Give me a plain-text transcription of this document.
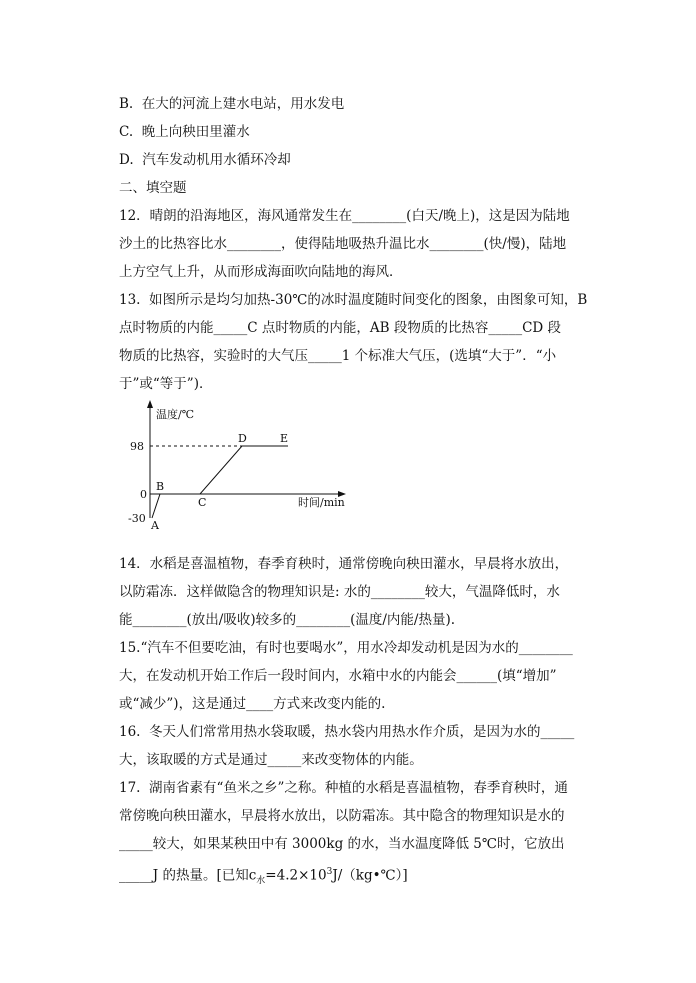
B.  在大的河流上建水电站，用水发电
C.  晚上向秧田里灌水
D.  汽车发动机用水循环冷却
二、填空题
12．晴朗的沿海地区，海风通常发生在________(白天/晚上)，这是因为陆地
沙土的比热容比水________，使得陆地吸热升温比水________(快/慢)，陆地
上方空气上升，从而形成海面吹向陆地的海风．
13.  如图所示是均匀加热-30℃的冰时温度随时间变化的图象，由图象可知，B
点时物质的内能_____C 点时物质的内能，AB 段物质的比热容_____CD 段
物质的比热容，实验时的大气压_____1 个标准大气压，(选填“大于”．“小
于”或“等于”)．
温度/℃
时间/min
98
0
-30
A
B
C
D	E
14．水稻是喜温植物，春季育秧时，通常傍晚向秧田灌水，早晨将水放出，
以防霜冻．这样做隐含的物理知识是: 水的________较大，气温降低时，水
能________(放出/吸收)较多的________(温度/内能/热量).
15.“汽车不但要吃油，有时也要喝水”，用水冷却发动机是因为水的________
大，在发动机开始工作后一段时间内，水箱中水的内能会______(填“增加”
或“减少”)，这是通过____方式来改变内能的.
16.  冬天人们常常用热水袋取暖，热水袋内用热水作介质，是因为水的_____
大，该取暖的方式是通过_____来改变物体的内能。
17.  湖南省素有“鱼米之乡”之称。种植的水稻是喜温植物，春季育秧时，通
常傍晚向秧田灌水，早晨将水放出，以防霜冻。其中隐含的物理知识是水的
_____较大，如果某秧田中有 3000kg 的水，当水温度降低 5℃时，它放出
_____J 的热量。[已知$c_水=4.2\times 10^3J/(kg•℃)$]
